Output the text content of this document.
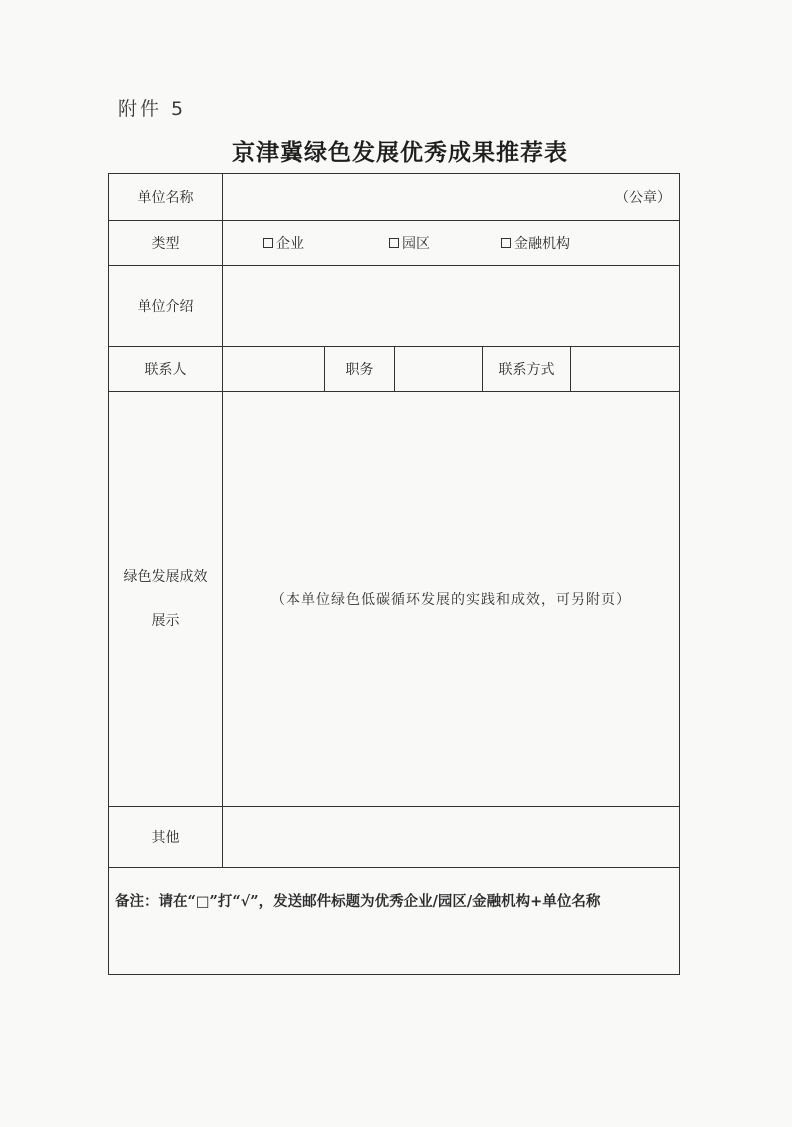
附件 5
京津冀绿色发展优秀成果推荐表
单位名称	（公章）				
类型	企业 园区 金融机构				

单位介绍					
联系人		职务		联系方式	

绿色发展成效
展示	（本单位绿色低碳循环发展的实践和成效，可另附页）				
其他					
备注：请在“□”打“√”，发送邮件标题为优秀企业/园区/金融机构+单位名称					
